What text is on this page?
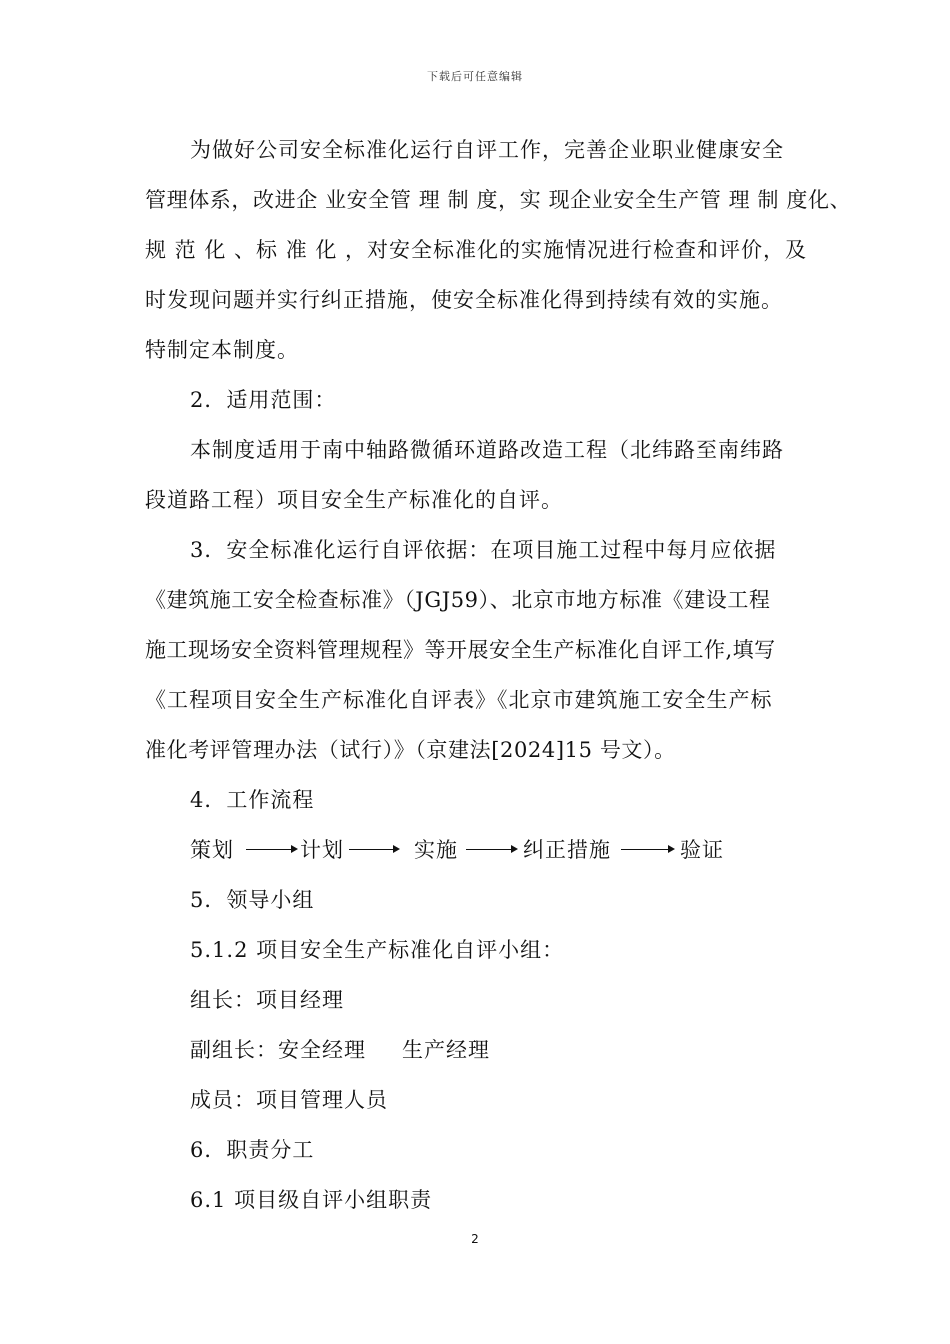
下载后可任意编辑
为做好公司安全标准化运行自评工作，完善企业职业健康安全
管理体系，改进企 业安全管 理 制 度，实 现企业安全生产管 理 制 度化、
规 范 化 、标 准 化 ，对安全标准化的实施情况进行检查和评价，及
时发现问题并实行纠正措施，使安全标准化得到持续有效的实施。
特制定本制度。
2．适用范围：
本制度适用于南中轴路微循环道路改造工程（北纬路至南纬路
段道路工程）项目安全生产标准化的自评。
3．安全标准化运行自评依据：在项目施工过程中每月应依据
《建筑施工安全检查标准》（JGJ59）、北京市地方标准《建设工程
施工现场安全资料管理规程》等开展安全生产标准化自评工作,填写
《工程项目安全生产标准化自评表》《北京市建筑施工安全生产标
准化考评管理办法（试行）》（京建法[2024]15 号文）。
4．工作流程
策划	计划	实施	纠正措施	验证
5．领导小组
5.1.2 项目安全生产标准化自评小组：
组长：项目经理
副组长：安全经理 生产经理
成员：项目管理人员
6．职责分工
6.1 项目级自评小组职责
2
